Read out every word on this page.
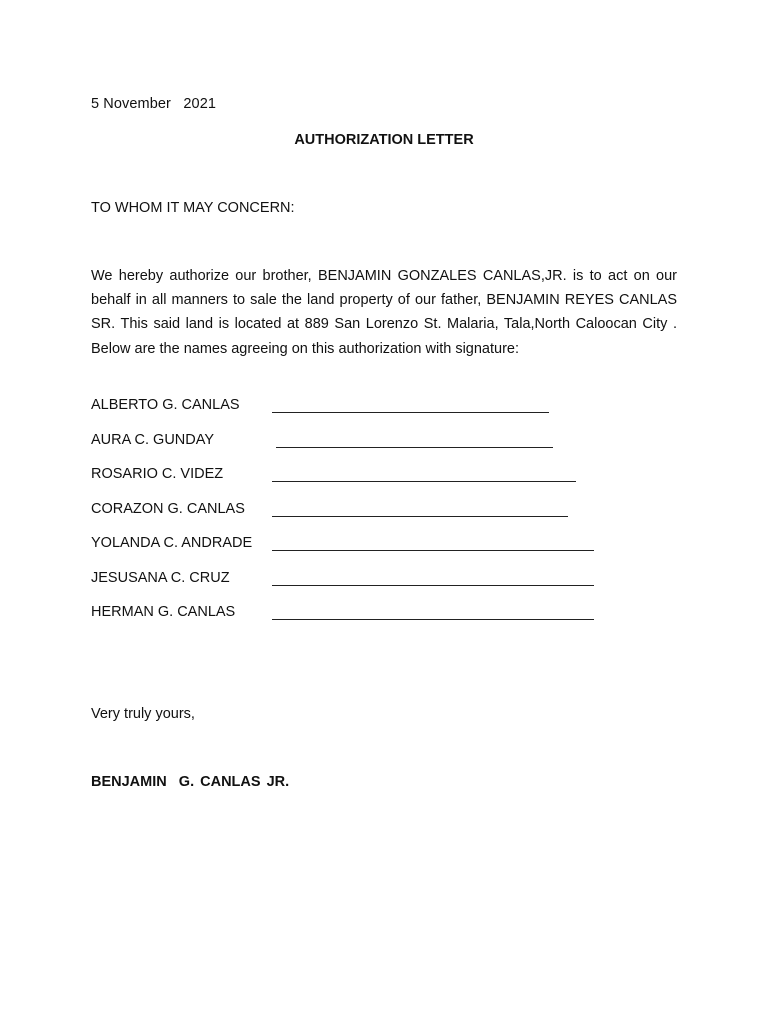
5 November   2021
AUTHORIZATION LETTER
TO WHOM IT MAY CONCERN:
We hereby authorize our brother, BENJAMIN GONZALES CANLAS,JR. is to act on our behalf in all manners to sale the land property of our father, BENJAMIN REYES CANLAS SR. This said land is located at 889 San Lorenzo St. Malaria, Tala,North Caloocan City . Below are the names agreeing on this authorization with signature:
ALBERTO G. CANLAS
AURA C. GUNDAY
ROSARIO C. VIDEZ
CORAZON G. CANLAS
YOLANDA C. ANDRADE
JESUSANA C. CRUZ
HERMAN G. CANLAS
Very truly yours,
BENJAMIN  G. CANLAS JR.
